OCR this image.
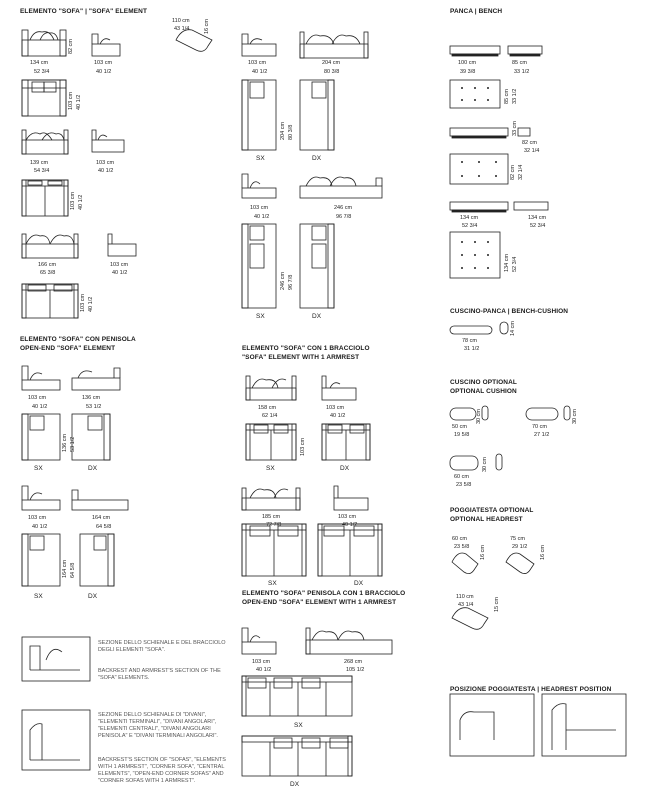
ELEMENTO "SOFA" | "SOFA" ELEMENT
ELEMENTO "SOFA" CON PENISOLA
OPEN-END "SOFA" ELEMENT	ELEMENTO "SOFA" CON 1 BRACCIOLO
"SOFA" ELEMENT WITH 1 ARMREST
ELEMENTO "SOFA" PENISOLA CON 1 BRACCIOLO
OPEN-END "SOFA" ELEMENT WITH 1 ARMREST
PANCA | BENCH
CUSCINO-PANCA | BENCH-CUSHION
CUSCINO OPTIONAL
OPTIONAL CUSHION
POGGIATESTA OPTIONAL
OPTIONAL HEADREST
POSIZIONE POGGIATESTA | HEADREST POSITION
134 cm
52 3/4
103 cm
40 1/2
82 cm
103 cm 40 1/2
139 cm
54 3/4
103 cm
40 1/2
103 cm 40 1/2
166 cm
65 3/8
103 cm
40 1/2
103 cm 40 1/2
103 cm
40 1/2
136 cm
53 1/2
136 cm 53 1/2
SX	DX
103 cm
40 1/2
164 cm
64 5/8
164 cm 64 5/8
SX	DX
SEZIONE DELLO SCHIENALE E DEL BRACCIOLO DEGLI ELEMENTI "SOFA".
BACKREST AND ARMREST'S SECTION OF THE "SOFA" ELEMENTS.
SEZIONE DELLO SCHIENALE DI "DIVANI", "ELEMENTI TERMINALI", "DIVANI ANGOLARI", "ELEMENTI CENTRALI", "DIVANI ANGOLARI PENISOLA" E "DIVANI TERMINALI ANGOLARI".
BACKREST'S SECTION OF "SOFAS", "ELEMENTS WITH 1 ARMREST", "CORNER SOFA", "CENTRAL ELEMENTS", "OPEN-END CORNER SOFAS" AND "CORNER SOFAS WITH 1 ARMREST".
110 cm
43 1/4	16 cm
103 cm
40 1/2
204 cm
80 3/8
204 cm 80 3/8
SX	DX
103 cm
40 1/2
246 cm
96 7/8
246 cm 96 7/8
SX	DX
158 cm
62 1/4
103 cm
40 1/2
103 cm
SX	DX
185 cm
72 7/8
103 cm
40 1/2
SX	DX
103 cm
40 1/2
268 cm
105 1/2
SX
DX
100 cm
39 3/8
85 cm
33 1/2
85 cm 33 1/2
82 cm
32 1/4
82 cm 32 1/4
33 cm
134 cm
52 3/4
134 cm
52 3/4
134 cm 52 3/4
78 cm
31 1/2
14 cm
50 cm
19 5/8
70 cm
27 1/2
30 cm	30 cm
60 cm
23 5/8
30 cm
60 cm
23 5/8
75 cm
29 1/2
16 cm	16 cm
110 cm
43 1/4	15 cm
